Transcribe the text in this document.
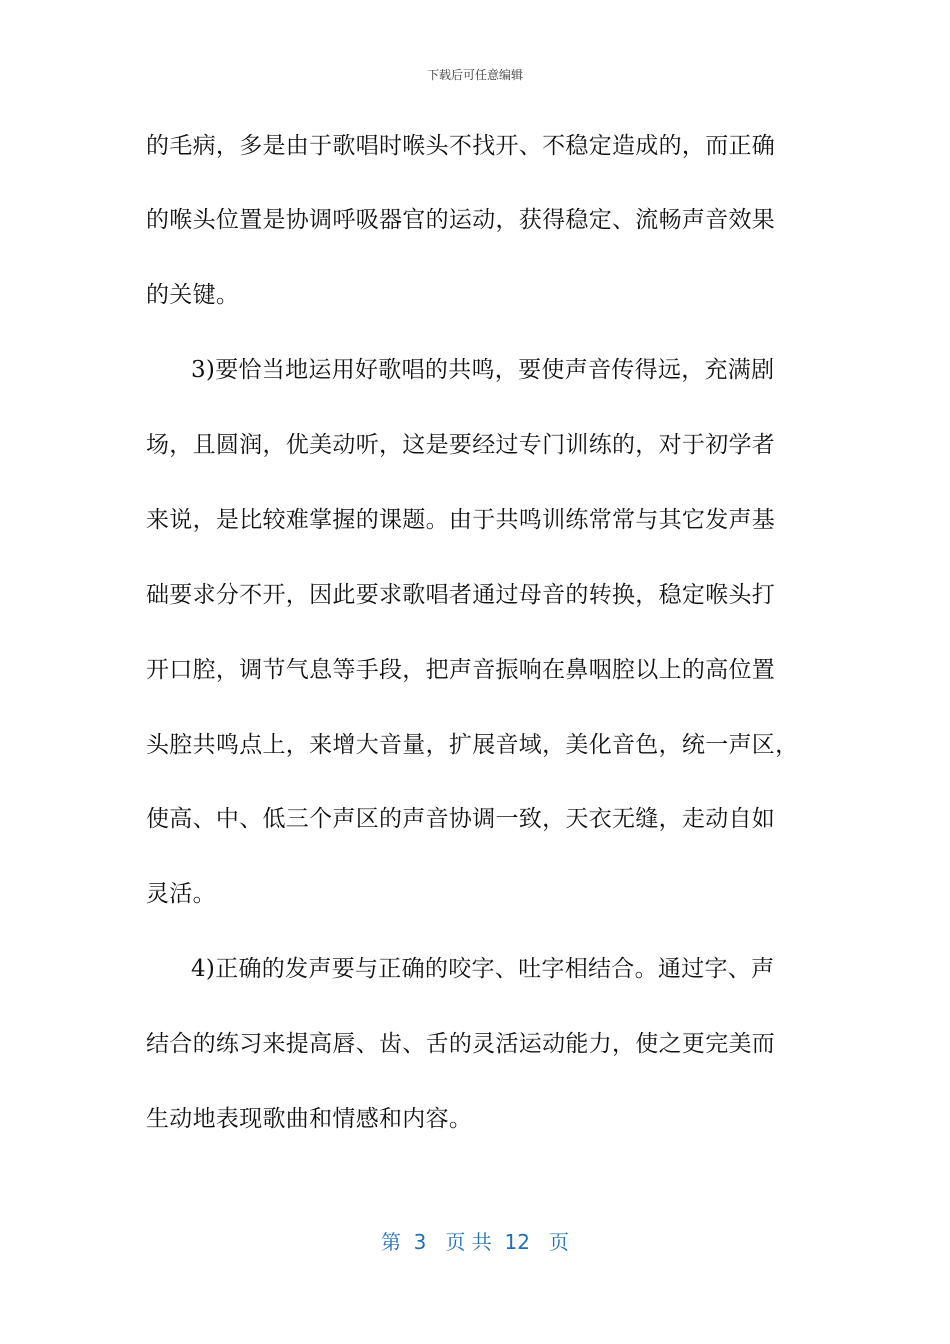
下载后可任意编辑
的毛病，多是由于歌唱时喉头不找开、不稳定造成的，而正确
的喉头位置是协调呼吸器官的运动，获得稳定、流畅声音效果
的关键。
3)要恰当地运用好歌唱的共鸣，要使声音传得远，充满剧
场，且圆润，优美动听，这是要经过专门训练的，对于初学者
来说，是比较难掌握的课题。由于共鸣训练常常与其它发声基
础要求分不开，因此要求歌唱者通过母音的转换，稳定喉头打
开口腔，调节气息等手段，把声音振响在鼻咽腔以上的高位置
头腔共鸣点上，来增大音量，扩展音域，美化音色，统一声区，
使高、中、低三个声区的声音协调一致，天衣无缝，走动自如
灵活。
4)正确的发声要与正确的咬字、吐字相结合。通过字、声
结合的练习来提高唇、齿、舌的灵活运动能力，使之更完美而
生动地表现歌曲和情感和内容。
第  3   页 共  12   页
